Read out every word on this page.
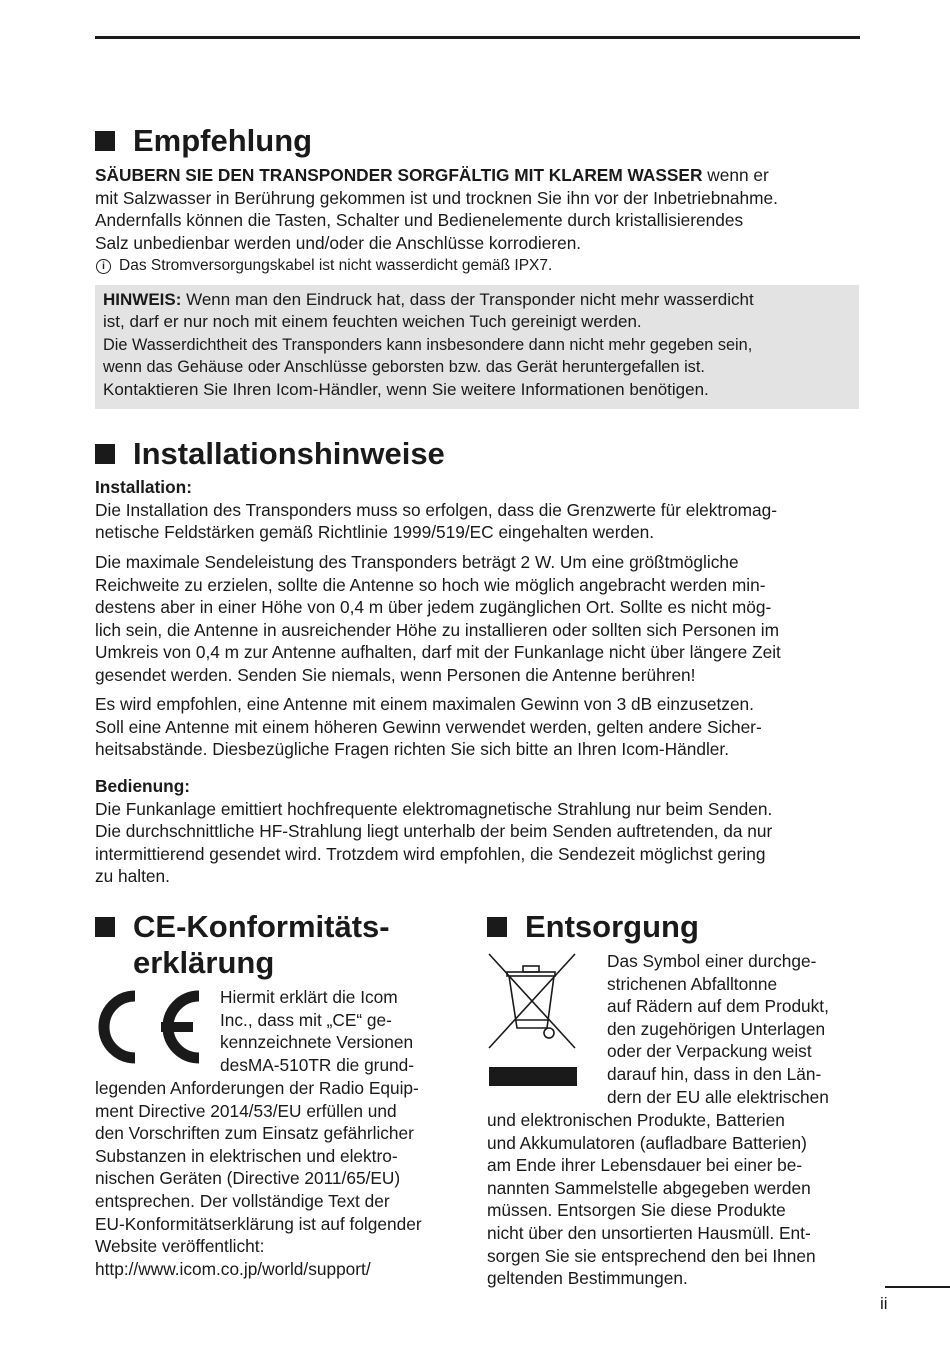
Empfehlung

SÄUBERN SIE DEN TRANSPONDER SORGFÄLTIG MIT KLAREM WASSER wenn er
mit Salzwasser in Berührung gekommen ist und trocknen Sie ihn vor der Inbetriebnahme.
Andernfalls können die Tasten, Schalter und Bedienelemente durch kristallisierendes
Salz unbedienbar werden und/oder die Anschlüsse korrodieren.

i Das Stromversorgungskabel ist nicht wasserdicht gemäß IPX7.

HINWEIS: Wenn man den Eindruck hat, dass der Transponder nicht mehr wasserdicht

ist, darf er nur noch mit einem feuchten weichen Tuch gereinigt werden.

Die Wasserdichtheit des Transponders kann insbesondere dann nicht mehr gegeben sein,

wenn das Gehäuse oder Anschlüsse geborsten bzw. das Gerät heruntergefallen ist.

Kontaktieren Sie Ihren Icom-Händler, wenn Sie weitere Informationen benötigen.

Installationshinweise

Installation:
Die Installation des Transponders muss so erfolgen, dass die Grenzwerte für elektromag-
netische Feldstärken gemäß Richtlinie 1999/519/EC eingehalten werden.

Die maximale Sendeleistung des Transponders beträgt 2 W. Um eine größtmögliche
Reichweite zu erzielen, sollte die Antenne so hoch wie möglich angebracht werden min-
destens aber in einer Höhe von 0,4 m über jedem zugänglichen Ort. Sollte es nicht mög-
lich sein, die Antenne in ausreichender Höhe zu installieren oder sollten sich Personen im
Umkreis von 0,4 m zur Antenne aufhalten, darf mit der Funkanlage nicht über längere Zeit
gesendet werden. Senden Sie niemals, wenn Personen die Antenne berühren!

Es wird empfohlen, eine Antenne mit einem maximalen Gewinn von 3 dB einzusetzen.
Soll eine Antenne mit einem höheren Gewinn verwendet werden, gelten andere Sicher-
heitsabstände. Diesbezügliche Fragen richten Sie sich bitte an Ihren Icom-Händler.

Bedienung:
Die Funkanlage emittiert hochfrequente elektromagnetische Strahlung nur beim Senden.
Die durchschnittliche HF-Strahlung liegt unterhalb der beim Senden auftretenden, da nur
intermittierend gesendet wird. Trotzdem wird empfohlen, die Sendezeit möglichst gering
zu halten.

CE-Konformitäts-
erklärung

Hiermit erklärt die Icom
Inc., dass mit „CE“ ge-
kennzeichnete Versionen
desMA-510TR die grund-

legenden Anforderungen der Radio Equip-
ment Directive 2014/53/EU erfüllen und
den Vorschriften zum Einsatz gefährlicher
Substanzen in elektrischen und elektro-
nischen Geräten (Directive 2011/65/EU)
entsprechen. Der vollständige Text der
EU-Konformitätserklärung ist auf folgender
Website veröffentlicht:
http://www.icom.co.jp/world/support/

Entsorgung

Das Symbol einer durchge-
strichenen Abfalltonne
auf Rädern auf dem Produkt,
den zugehörigen Unterlagen
oder der Verpackung weist
darauf hin, dass in den Län-
dern der EU alle elektrischen

und elektronischen Produkte, Batterien
und Akkumulatoren (aufladbare Batterien)
am Ende ihrer Lebensdauer bei einer be-
nannten Sammelstelle abgegeben werden
müssen. Entsorgen Sie diese Produkte
nicht über den unsortierten Hausmüll. Ent-
sorgen Sie sie entsprechend den bei Ihnen
geltenden Bestimmungen.

ii
